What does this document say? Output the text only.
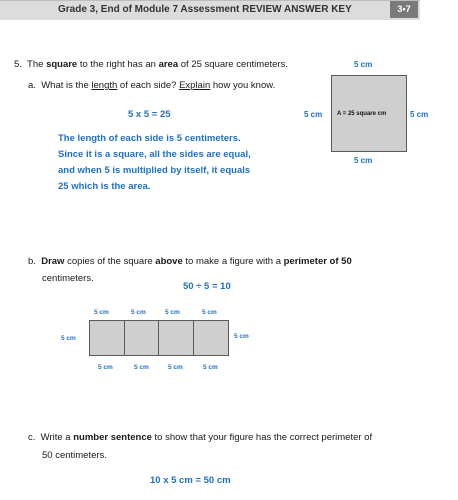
Grade 3, End of Module 7 Assessment REVIEW ANSWER KEY	3•7
5. The square to the right has an area of 25 square centimeters.
a. What is the length of each side? Explain how you know.
5 x 5 = 25
The length of each side is 5 centimeters.
Since it is a square, all the sides are equal,
and when 5 is multiplied by itself, it equals
25 which is the area.
5 cm
A = 25 square cm
5 cm	5 cm
5 cm
b. Draw copies of the square above to make a figure with a perimeter of 50
centimeters.
50 ÷ 5 = 10
5 cm	5 cm	5 cm	5 cm
5 cm	5 cm
5 cm	5 cm	5 cm	5 cm
c. Write a number sentence to show that your figure has the correct perimeter of
50 centimeters.
10 x 5 cm = 50 cm
